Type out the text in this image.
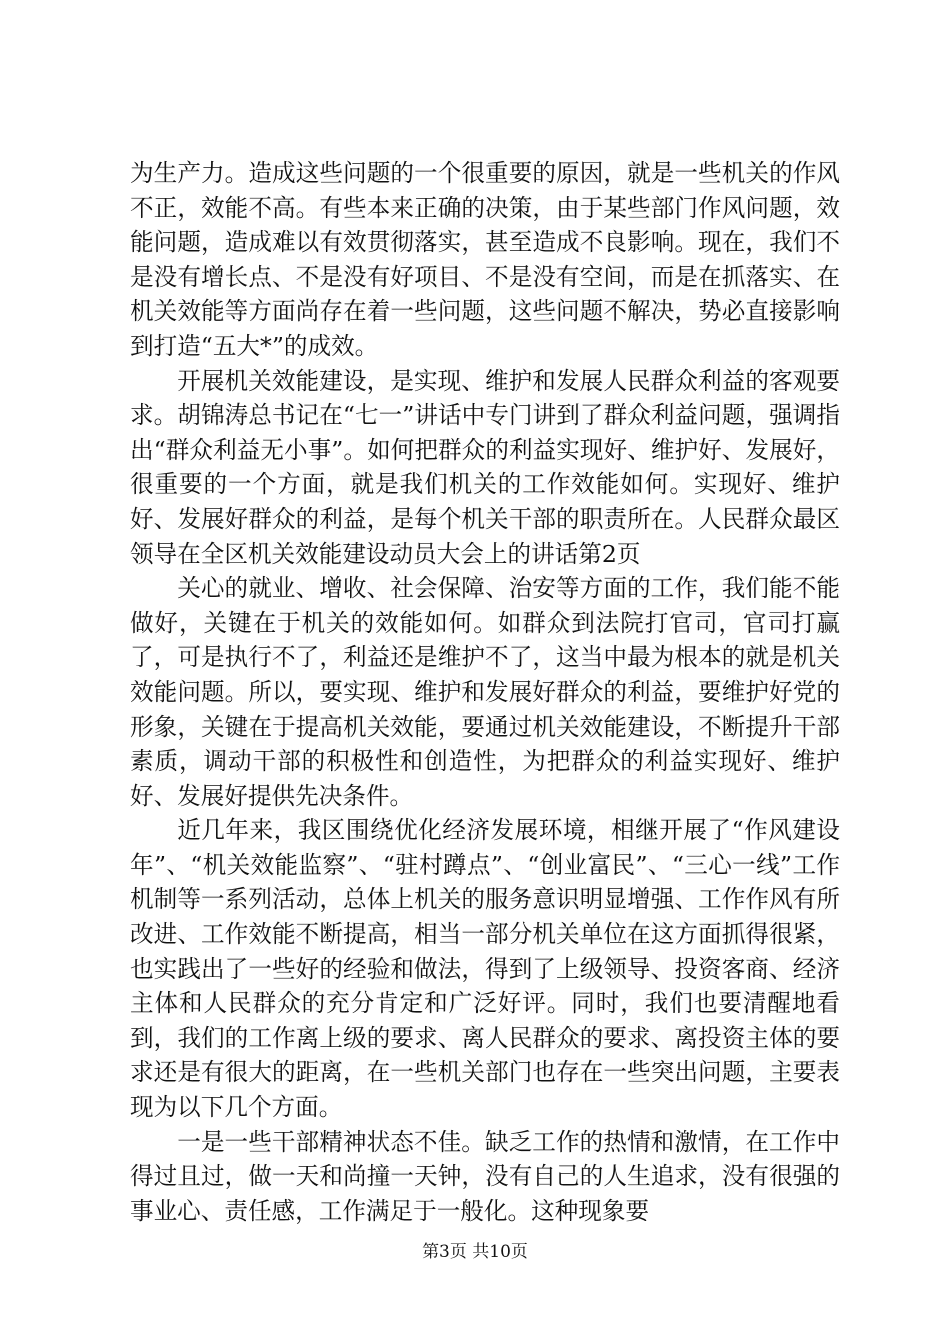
为生产力。造成这些问题的一个很重要的原因，就是一些机关的作风不正，效能不高。有些本来正确的决策，由于某些部门作风问题，效能问题，造成难以有效贯彻落实，甚至造成不良影响。现在，我们不是没有增长点、不是没有好项目、不是没有空间，而是在抓落实、在机关效能等方面尚存在着一些问题，这些问题不解决，势必直接影响到打造“五大*”的成效。

开展机关效能建设，是实现、维护和发展人民群众利益的客观要求。胡锦涛总书记在“七一”讲话中专门讲到了群众利益问题，强调指出“群众利益无小事”。如何把群众的利益实现好、维护好、发展好，很重要的一个方面，就是我们机关的工作效能如何。实现好、维护好、发展好群众的利益，是每个机关干部的职责所在。人民群众最区领导在全区机关效能建设动员大会上的讲话第2页

关心的就业、增收、社会保障、治安等方面的工作，我们能不能做好，关键在于机关的效能如何。如群众到法院打官司，官司打赢了，可是执行不了，利益还是维护不了，这当中最为根本的就是机关效能问题。所以，要实现、维护和发展好群众的利益，要维护好党的形象，关键在于提高机关效能，要通过机关效能建设，不断提升干部素质，调动干部的积极性和创造性，为把群众的利益实现好、维护好、发展好提供先决条件。

近几年来，我区围绕优化经济发展环境，相继开展了“作风建设年”、“机关效能监察”、“驻村蹲点”、“创业富民”、“三心一线”工作机制等一系列活动，总体上机关的服务意识明显增强、工作作风有所改进、工作效能不断提高，相当一部分机关单位在这方面抓得很紧，也实践出了一些好的经验和做法，得到了上级领导、投资客商、经济主体和人民群众的充分肯定和广泛好评。同时，我们也要清醒地看到，我们的工作离上级的要求、离人民群众的要求、离投资主体的要求还是有很大的距离，在一些机关部门也存在一些突出问题，主要表现为以下几个方面。

一是一些干部精神状态不佳。缺乏工作的热情和激情，在工作中得过且过，做一天和尚撞一天钟，没有自己的人生追求，没有很强的事业心、责任感，工作满足于一般化。这种现象要

第3页 共10页
